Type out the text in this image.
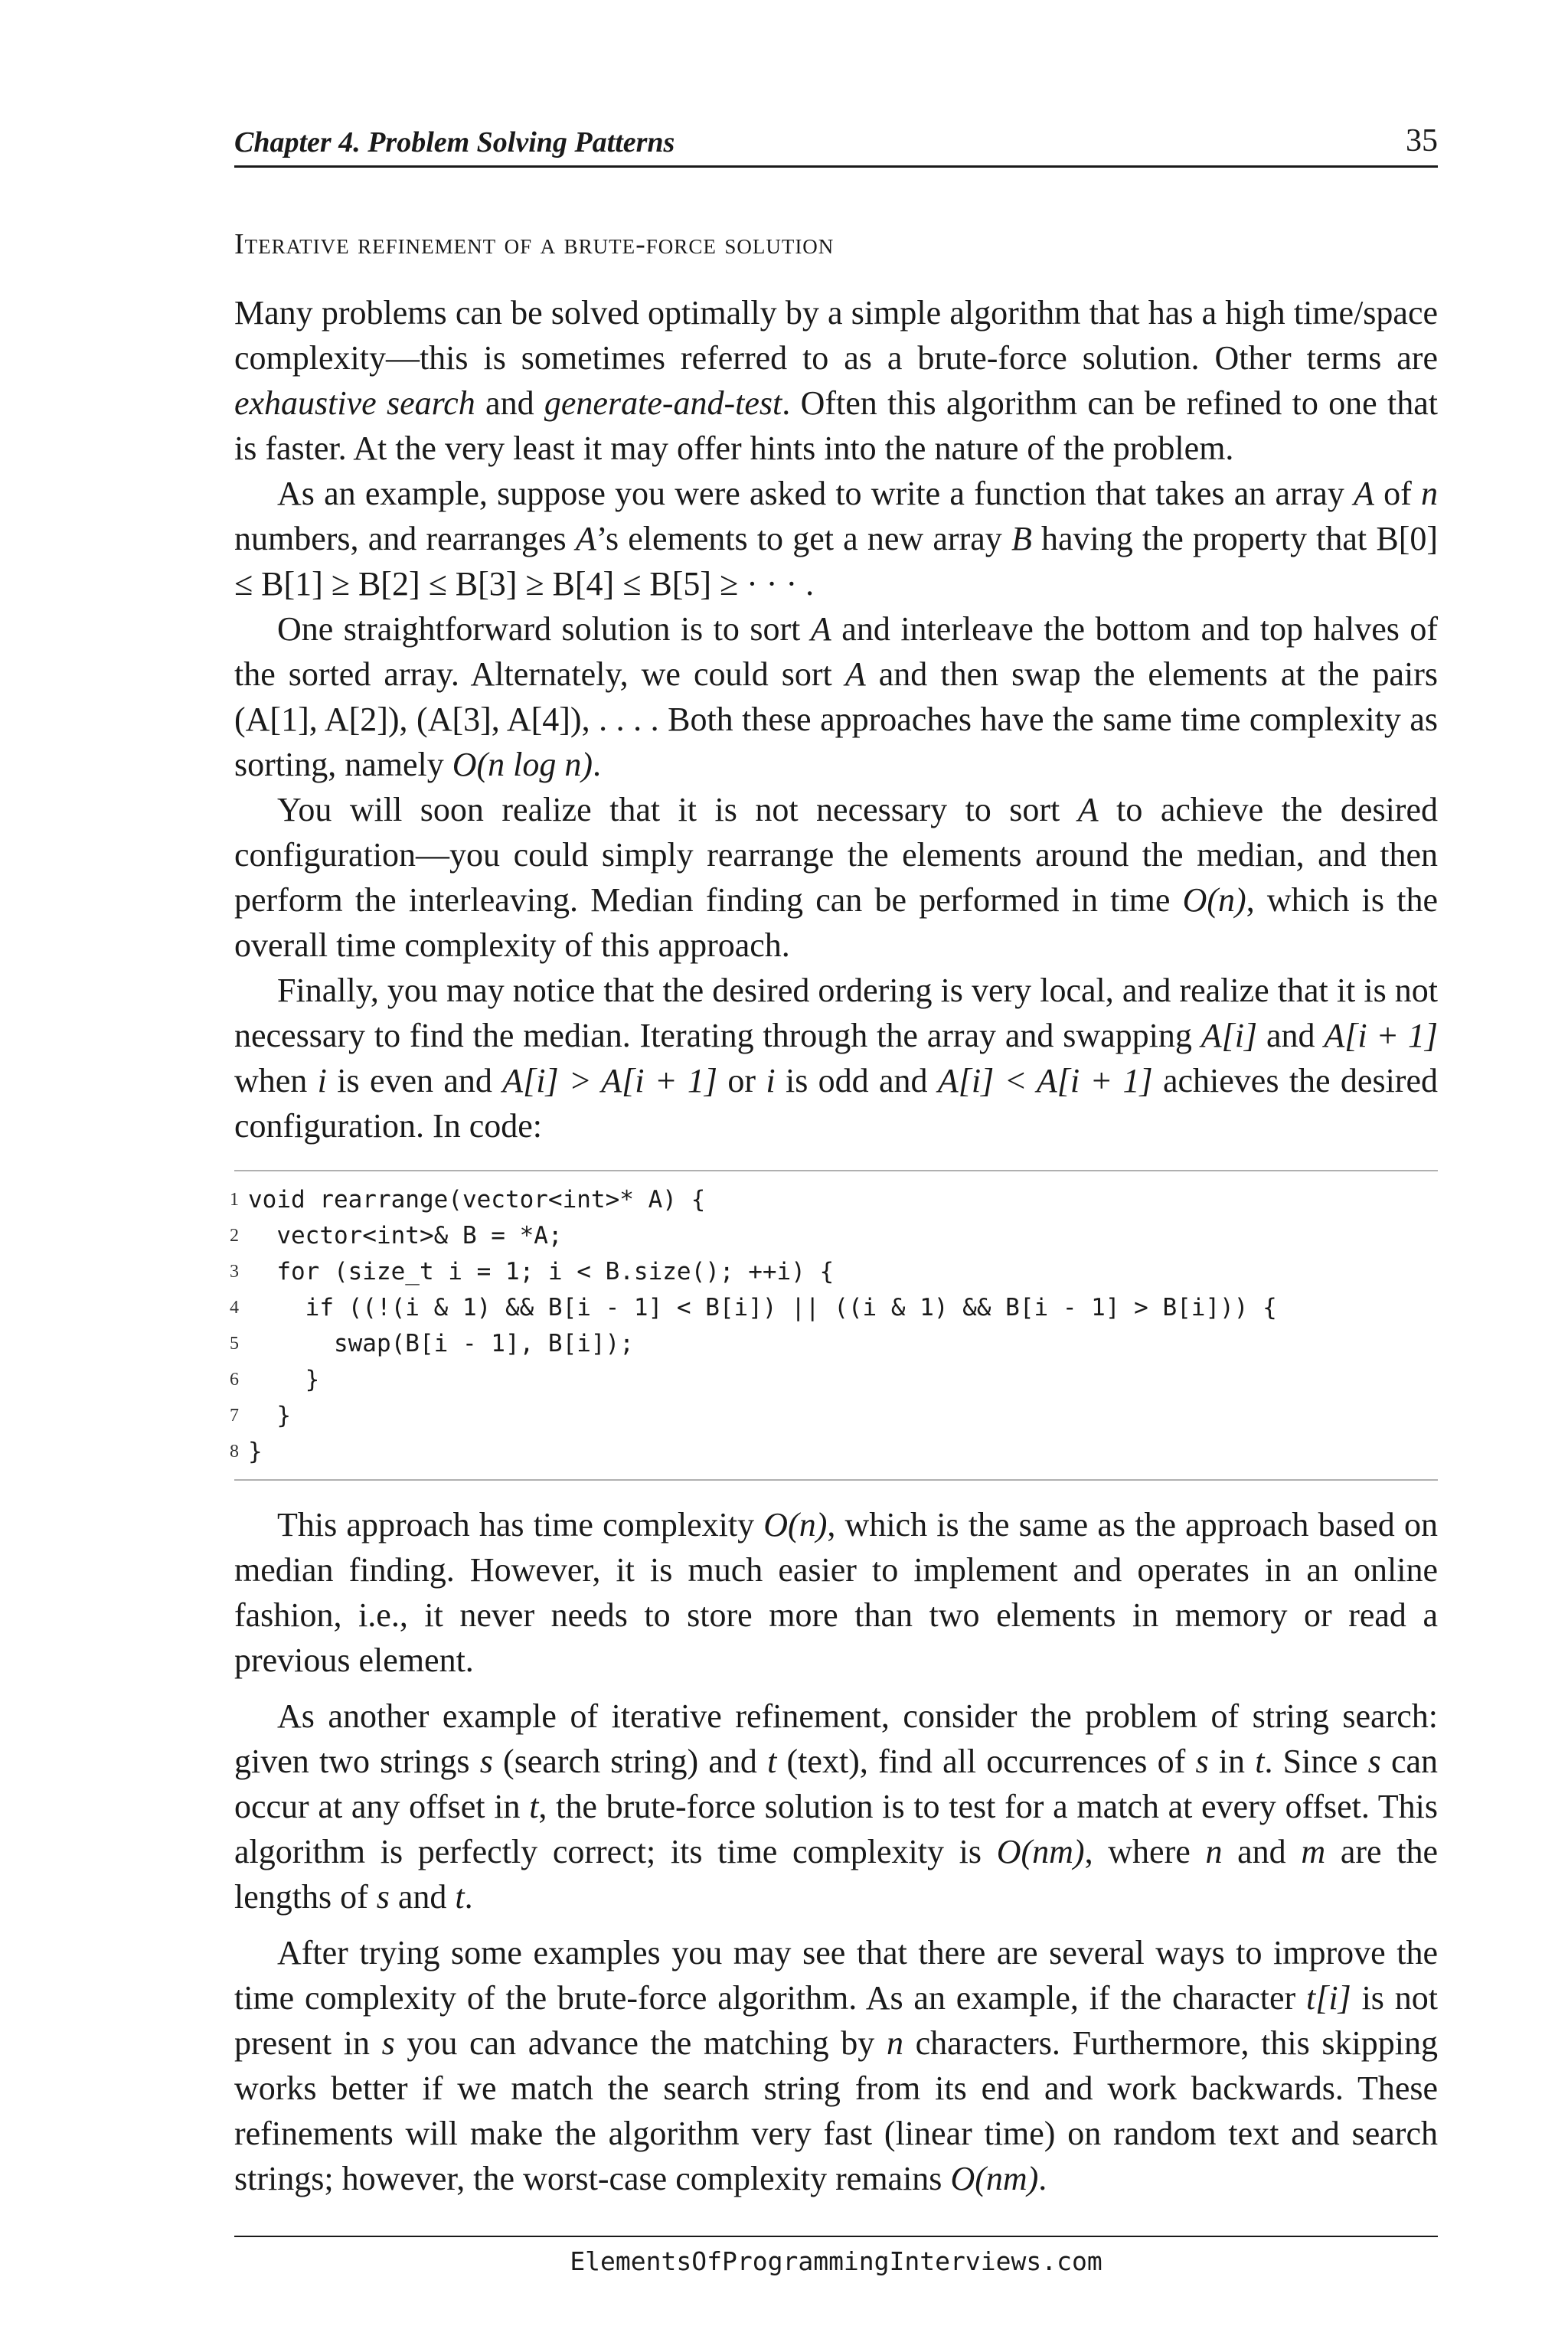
Chapter 4. Problem Solving Patterns	35
Iterative refinement of a brute-force solution

Many problems can be solved optimally by a simple algorithm that has a high time/space complexity—this is sometimes referred to as a brute-force solution. Other terms are exhaustive search and generate-and-test. Often this algorithm can be refined to one that is faster. At the very least it may offer hints into the nature of the problem.

As an example, suppose you were asked to write a function that takes an array A of n numbers, and rearranges A’s elements to get a new array B having the property that B[0] ≤ B[1] ≥ B[2] ≤ B[3] ≥ B[4] ≤ B[5] ≥ · · · .

One straightforward solution is to sort A and interleave the bottom and top halves of the sorted array. Alternately, we could sort A and then swap the elements at the pairs (A[1], A[2]), (A[3], A[4]), . . . . Both these approaches have the same time complexity as sorting, namely O(n log n).

You will soon realize that it is not necessary to sort A to achieve the desired configuration—you could simply rearrange the elements around the median, and then perform the interleaving. Median finding can be performed in time O(n), which is the overall time complexity of this approach.

Finally, you may notice that the desired ordering is very local, and realize that it is not necessary to find the median. Iterating through the array and swapping A[i] and A[i + 1] when i is even and A[i] > A[i + 1] or i is odd and A[i] < A[i + 1] achieves the desired configuration. In code:

1 void rearrange(vector<int>* A) {
2 vector<int>& B = *A;
3 for (size_t i = 1; i < B.size(); ++i) {
4 if ((!(i & 1) && B[i - 1] < B[i]) || ((i & 1) && B[i - 1] > B[i])) {
5 swap(B[i - 1], B[i]);
6 }
7 }
8 }

This approach has time complexity O(n), which is the same as the approach based on median finding. However, it is much easier to implement and operates in an online fashion, i.e., it never needs to store more than two elements in memory or read a previous element.

As another example of iterative refinement, consider the problem of string search: given two strings s (search string) and t (text), find all occurrences of s in t. Since s can occur at any offset in t, the brute-force solution is to test for a match at every offset. This algorithm is perfectly correct; its time complexity is O(nm), where n and m are the lengths of s and t.

After trying some examples you may see that there are several ways to improve the time complexity of the brute-force algorithm. As an example, if the character t[i] is not present in s you can advance the matching by n characters. Furthermore, this skipping works better if we match the search string from its end and work backwards. These refinements will make the algorithm very fast (linear time) on random text and search strings; however, the worst-case complexity remains O(nm).

ElementsOfProgrammingInterviews.com
